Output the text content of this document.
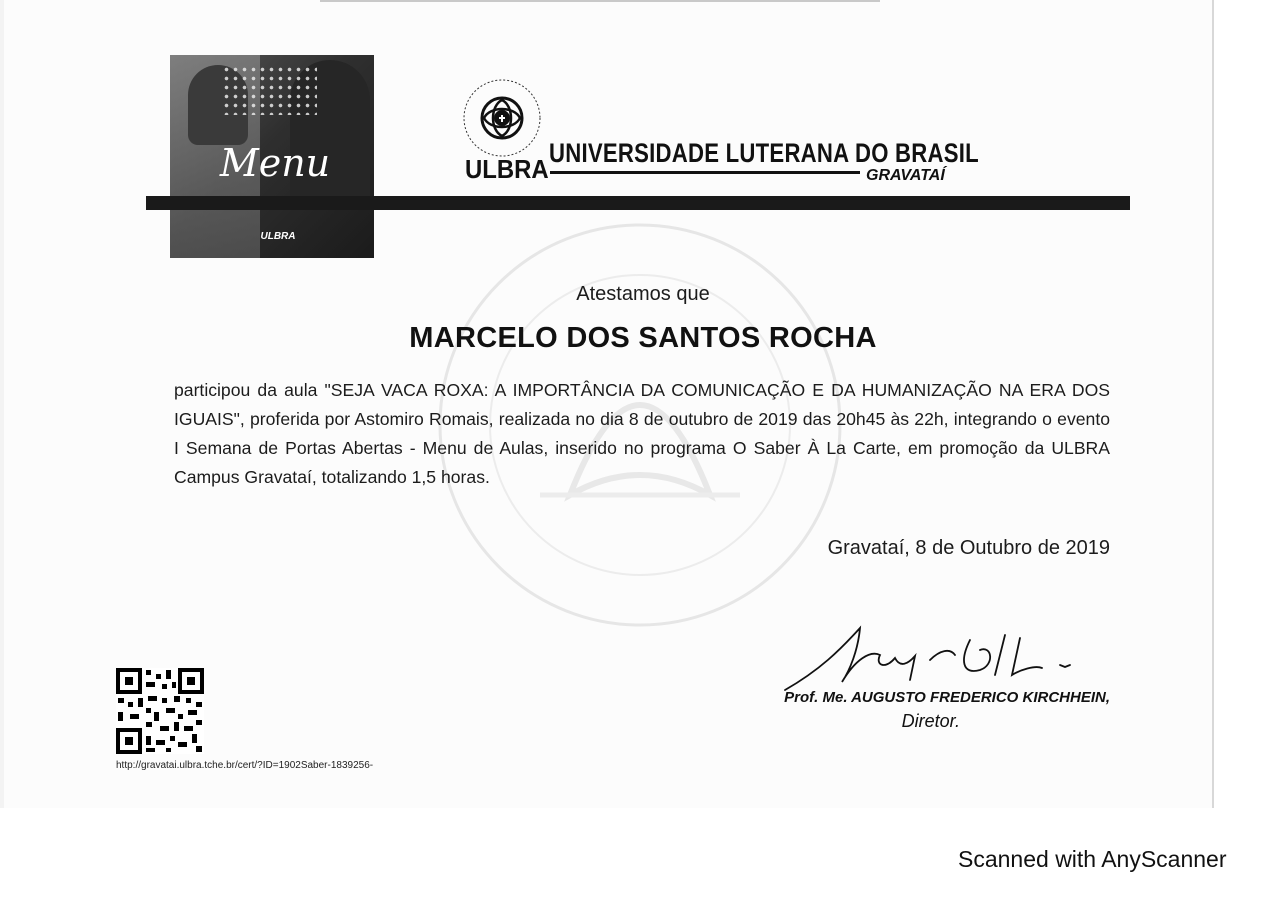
Menu
ULBRA
ULBRA
UNIVERSIDADE LUTERANA DO BRASIL
GRAVATAÍ
Atestamos que
MARCELO DOS SANTOS ROCHA
participou da aula "SEJA VACA ROXA: A IMPORTÂNCIA DA COMUNICAÇÃO E DA HUMANIZAÇÃO NA ERA DOS IGUAIS", proferida por Astomiro Romais, realizada no dia 8 de outubro de 2019 das 20h45 às 22h, integrando o evento I Semana de Portas Abertas - Menu de Aulas, inserido no programa O Saber À La Carte, em promoção da ULBRA Campus Gravataí, totalizando 1,5 horas.
Gravataí, 8 de Outubro de 2019
Prof. Me. AUGUSTO FREDERICO KIRCHHEIN,
Diretor.
http://gravatai.ulbra.tche.br/cert/?ID=1902Saber-1839256-
Scanned with AnyScanner
